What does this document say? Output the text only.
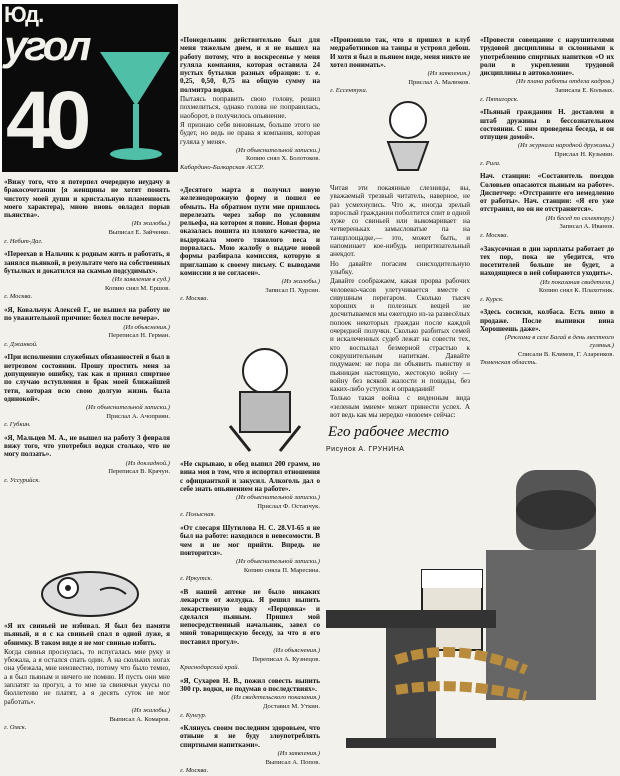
Юд.
угол
40

«Вижу того, что я потерпел очередную неудачу в бракосочетании [я женщины не хотят понять чистоту моей души и кристальную пламенность моего характера), мною вновь овладел порыв пьянства».

(Из жалобы.)

Выписал Е. Зайченко.

г. Небит-Даг.

«Переехав в Нальчик к родным жить и работать, я занялся пьянкой, в результате чего на собственных бутылках и докатился на скамью подсудимых».

(Из заявления в суд.)

Копию снял М. Ершов.

г. Москва.

«Я, Ковальчук Алексей Г., не вышел на работу не по уважительной причине: болел после вечера».

(Из объяснения.)

Переписал Н. Герман.

г. Джанкой.

«При исполнении служебных обязанностей я был в нетрезвом состоянии. Прошу простить меня за допущенную ошибку, так как я принял спиртное по случаю вступления в брак моей ближайшей тети, которая всю свою долгую жизнь была одинокой».

(Из объяснительной записки.)

Прислал А. Ачоприян.

г. Губкин.

«Я, Мальцев М. А., не вышел на работу 3 февраля вижу того, что употребил водки столько, что не могу ползать».

(Из докладной.)

Переписал В. Крачун.

г. Уссурийск.

«Я их свиньей не избивал. Я был без памяти пьяный, и я с ка свиньей спал в одной луже, я обнимку. В таком виде я не мог свинью избить.

Когда свинья проснулась, то испугалась мне руку и убежала, а я остался спать один. А на скольких ногах она убежала, мне неизвестно, потому что было темно, а я был пьяным и ничего не помню. И пусть они мне заплатят за прогул, а то мне за свинячьи укусы по бюллетеню не платят, а я десять суток не мог работать».

(Из жалобы.)

Выписал А. Комаров.

г. Омск.

«Понедельник действительно был для меня тяжелым днем, и я не вышел на работу потому, что в воскресенье у меня гуляла компания, которая оставила 24 пустых бутылки разных образцов: т. е. 0,25, 0,50, 0,75 на общую сумму на полмитра водки.

Пытаясь поправить свою голову, решил похмелиться, однако голова не поправилась, наоборот, в получилось опьянение.

Я признаю себя виновным, больше этого не будет, но ведь не права я компания, которая гуляла у меня».

(Из объяснительной записки.)

Копию снял Х. Болотоков.

Кабардино-Балкарская АССР.

«Десятого марта я получил новую железнодорожную форму и пошел ее обмыть. На обратном пути мне пришлось перелезать через забор по условиям рельефа, на котором я повис. Новая форма оказалась пошита из плохого качества, не выдержала моего тяжелого веса и порвалась. Мою жалобу о выдаче новой формы разбирала комиссия, которую я приглашаю к своему письму. С выводами комиссии я не согласен».

(Из жалобы.)

Записал П. Хурсин.

г. Москва.

«Не скрываю, в обед выпил 200 грамм, но вина моя в том, что я испортил отношения с официанткой и закусил. Алкоголь дал о себе знать опьянением на работе».

(Из объяснительной записки.)

Прислал Ф. Остапчук.

г. Полысная.

«От слесаря Шутилова Н. С. 28.VI-65 я не был на работе: находился в невесомости. В чем и не мог прийти. Впредь не повторится».

(Из объяснительной записки.)

Копию сняла П. Маресина.

г. Иркутск.

«В нашей аптеке не было никаких лекарств от желудка. Я решил выпить лекарственную водку «Перцовка» и сделался пьяным. Пришел мой непосредственный начальник, завел со мной товарищескую беседу, за что я его поставил прогул».

(Из объяснения.)

Переписал А. Кузнецов.

Краснодарский край.

«Я, Сухарев Н. В., пожил совесть выпить 300 гр. водки, не подумав о последствиях».

(Из свидетельского показания.)

Доставил М. Уткин.

г. Кунгур.

«Клянусь своим последним здоровьем, что отныне я не буду злоупотреблять спиртными напитками».

(Из заявления.)

Выписал А. Попов.

г. Москва.

«Произошло так, что я пришел в клуб медработников на танцы и устроил дебош. И хотя я был в пьяном виде, меня никто не хотел понимать».

(Из заявления.)

Прислал А. Малюков.

г. Ессентуки.

Читая эти покаянные слезницы, вы, уважаемый трезвый читатель, наверное, не раз усмехнулись. Что ж, иногда зрелый взрослый гражданин поболтится спит в одной луже со свиньей или выкомаривает на четвереньках замысловатые па на танцплощадке,— это, может быть, и напоминает кое-нибудь непритязательный анекдот.

Но давайте погасим снисходительную улыбку.

Давайте соображаем, какая прорва рабочих человеко-часов улетучивается вместе с сивушным перегаром. Сколько тысяч хороших и полезных вещей не досчитываемся мы ежегодно из-за развесёлых попоек некоторых граждан после каждой очередной получки. Сколько разбитых семей и искалеченных судеб лежат на совести тех, кто воспылал безмерной страстью к сокрушительным напиткам. Давайте подумаем: не пора ли объявить пьянству и пьяницам настоящую, жестокую войну — войну без всякой жалости и пощады, без каких-либо уступок и оправданий!

Только такая война с виденным вида «зеленым змием» может принести успех. А вот ведь как мы нередко «воюем» сейчас:

«Провести совещание с нарушителями трудовой дисциплины и склонными к употреблению спиртных напитков «О их роли в укреплении трудовой дисциплины в автоколонне».

(Из плана работы отдела кадров.)

Записала Е. Кольвах.

г. Пятигорск.

«Пьяный гражданин Н. доставлен в штаб дружины в бессознательном состоянии. С ним проведена беседа, и он отпущен домой».

(Из журнала народной дружины.)

Прислал Н. Кузьмин.

г. Рига.

Нач. станции: «Составитель поездов Соловьев опасаются пьяным на работе». Диспетчер: «Отстраните его немедленно от работы». Нач. станции: «Я его уже отстранил, но он не отстраняется».

(Из бесед по селектору.)

Записал А. Иванов.

г. Москва.

«Закусочная в дни зарплаты работает до тех пор, пока не убедится, что посетителей больше не будет, а находящиеся в ней собираются уходить».

(Из показания свидетеля.)

Копию снял К. Плахотник.

г. Курск.

«Здесь сосиски, колбаса. Есть вино в продаже. После выпивки вина Хорошеешь даже».

(Реклама в селе Багай в день местного гулянья.)

Списали В. Климов, Г. Азаренков.

Тюменская область.

Его рабочее место
Рисунок А. ГРУНИНА
